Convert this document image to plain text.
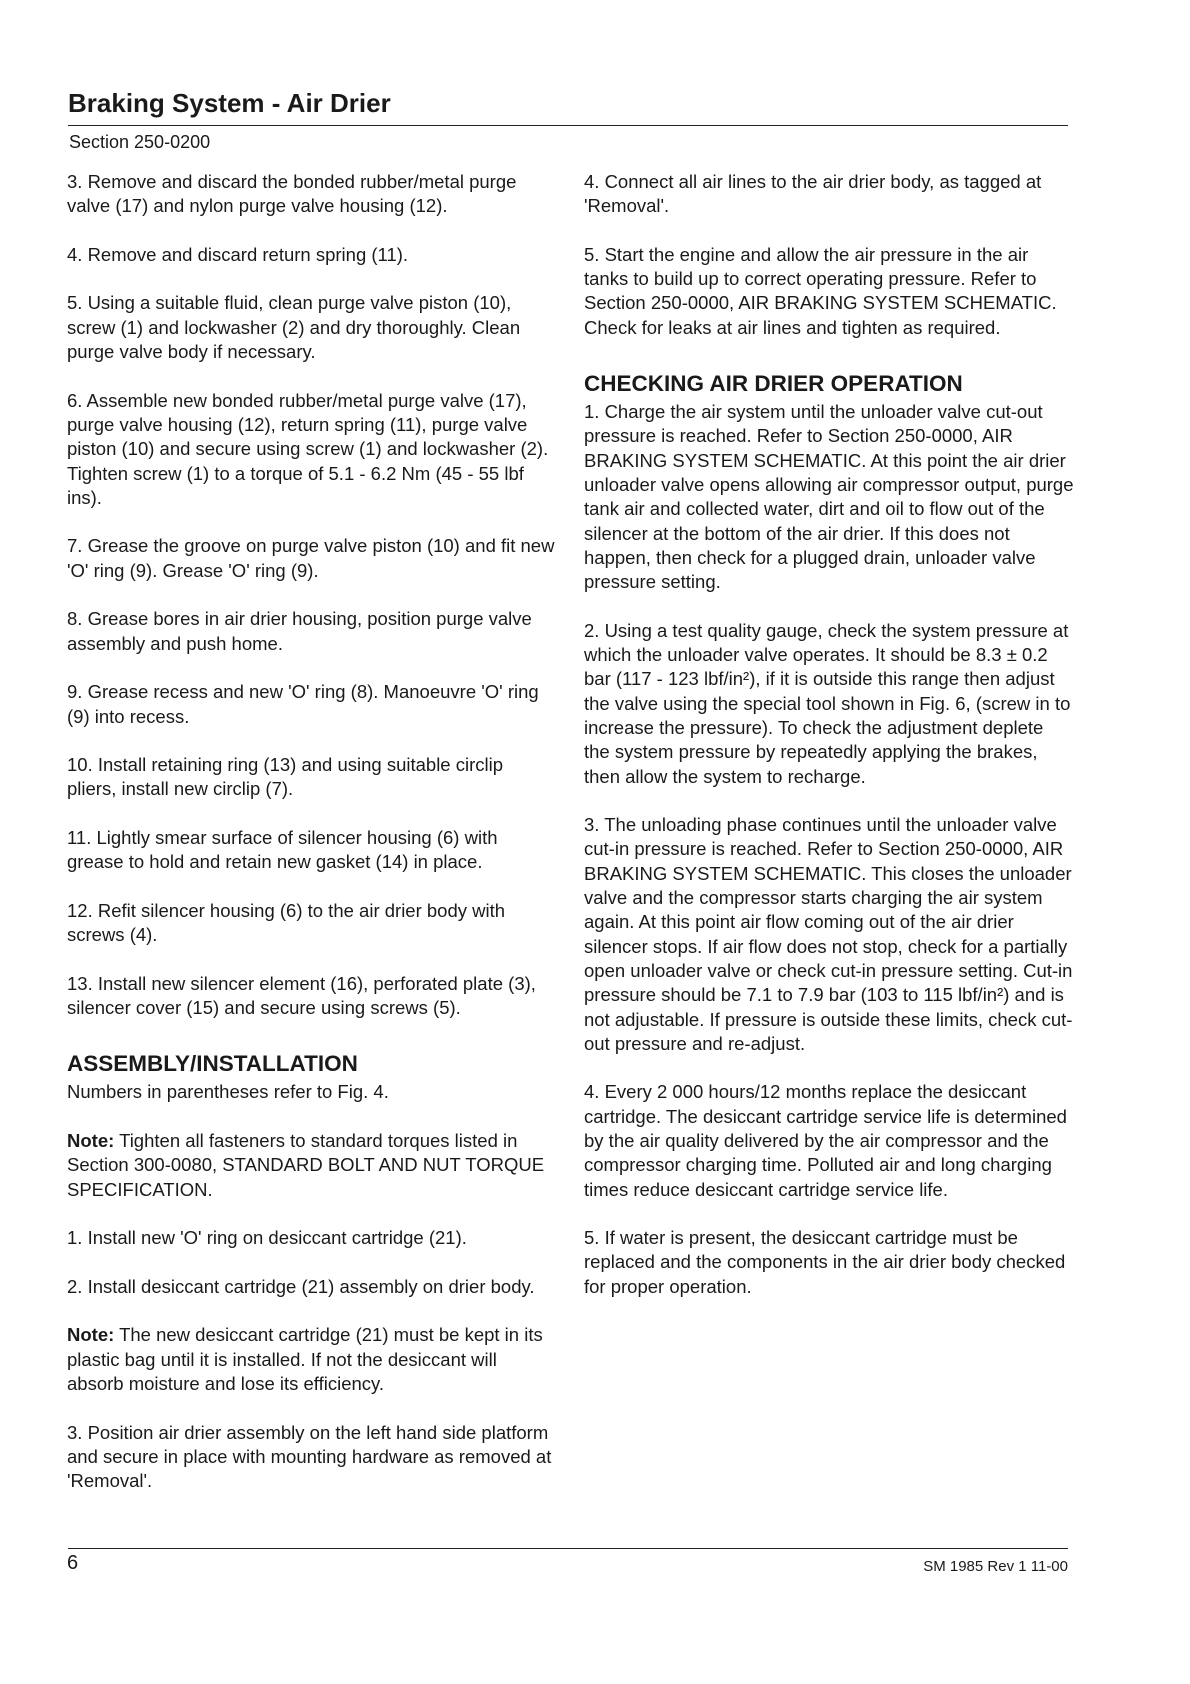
Braking System - Air Drier
Section 250-0200

3. Remove and discard the bonded rubber/metal purge valve (17) and nylon purge valve housing (12).

4. Remove and discard return spring (11).

5. Using a suitable fluid, clean purge valve piston (10), screw (1) and lockwasher (2) and dry thoroughly. Clean purge valve body if necessary.

6. Assemble new bonded rubber/metal purge valve (17), purge valve housing (12), return spring (11), purge valve piston (10) and secure using screw (1) and lockwasher (2). Tighten screw (1) to a torque of 5.1 - 6.2 Nm (45 - 55 lbf ins).

7. Grease the groove on purge valve piston (10) and fit new 'O' ring (9). Grease 'O' ring (9).

8. Grease bores in air drier housing, position purge valve assembly and push home.

9. Grease recess and new 'O' ring (8). Manoeuvre 'O' ring (9) into recess.

10. Install retaining ring (13) and using suitable circlip pliers, install new circlip (7).

11. Lightly smear surface of silencer housing (6) with grease to hold and retain new gasket (14) in place.

12. Refit silencer housing (6) to the air drier body with screws (4).

13. Install new silencer element (16), perforated plate (3), silencer cover (15) and secure using screws (5).

ASSEMBLY/INSTALLATION

Numbers in parentheses refer to Fig. 4.

Note: Tighten all fasteners to standard torques listed in Section 300-0080, STANDARD BOLT AND NUT TORQUE SPECIFICATION.

1. Install new 'O' ring on desiccant cartridge (21).

2. Install desiccant cartridge (21) assembly on drier body.

Note: The new desiccant cartridge (21) must be kept in its plastic bag until it is installed. If not the desiccant will absorb moisture and lose its efficiency.

3. Position air drier assembly on the left hand side platform and secure in place with mounting hardware as removed at 'Removal'.

4. Connect all air lines to the air drier body, as tagged at 'Removal'.

5. Start the engine and allow the air pressure in the air tanks to build up to correct operating pressure. Refer to Section 250-0000, AIR BRAKING SYSTEM SCHEMATIC. Check for leaks at air lines and tighten as required.

CHECKING AIR DRIER OPERATION

1. Charge the air system until the unloader valve cut-out pressure is reached. Refer to Section 250-0000, AIR BRAKING SYSTEM SCHEMATIC. At this point the air drier unloader valve opens allowing air compressor output, purge tank air and collected water, dirt and oil to flow out of the silencer at the bottom of the air drier. If this does not happen, then check for a plugged drain, unloader valve pressure setting.

2. Using a test quality gauge, check the system pressure at which the unloader valve operates. It should be 8.3 ± 0.2 bar (117 - 123 lbf/in²), if it is outside this range then adjust the valve using the special tool shown in Fig. 6, (screw in to increase the pressure). To check the adjustment deplete the system pressure by repeatedly applying the brakes, then allow the system to recharge.

3. The unloading phase continues until the unloader valve cut-in pressure is reached. Refer to Section 250-0000, AIR BRAKING SYSTEM SCHEMATIC. This closes the unloader valve and the compressor starts charging the air system again. At this point air flow coming out of the air drier silencer stops. If air flow does not stop, check for a partially open unloader valve or check cut-in pressure setting. Cut-in pressure should be 7.1 to 7.9 bar (103 to 115 lbf/in²) and is not adjustable. If pressure is outside these limits, check cut-out pressure and re-adjust.

4. Every 2 000 hours/12 months replace the desiccant cartridge. The desiccant cartridge service life is determined by the air quality delivered by the air compressor and the compressor charging time. Polluted air and long charging times reduce desiccant cartridge service life.

5. If water is present, the desiccant cartridge must be replaced and the components in the air drier body checked for proper operation.

6	SM 1985 Rev 1 11-00
